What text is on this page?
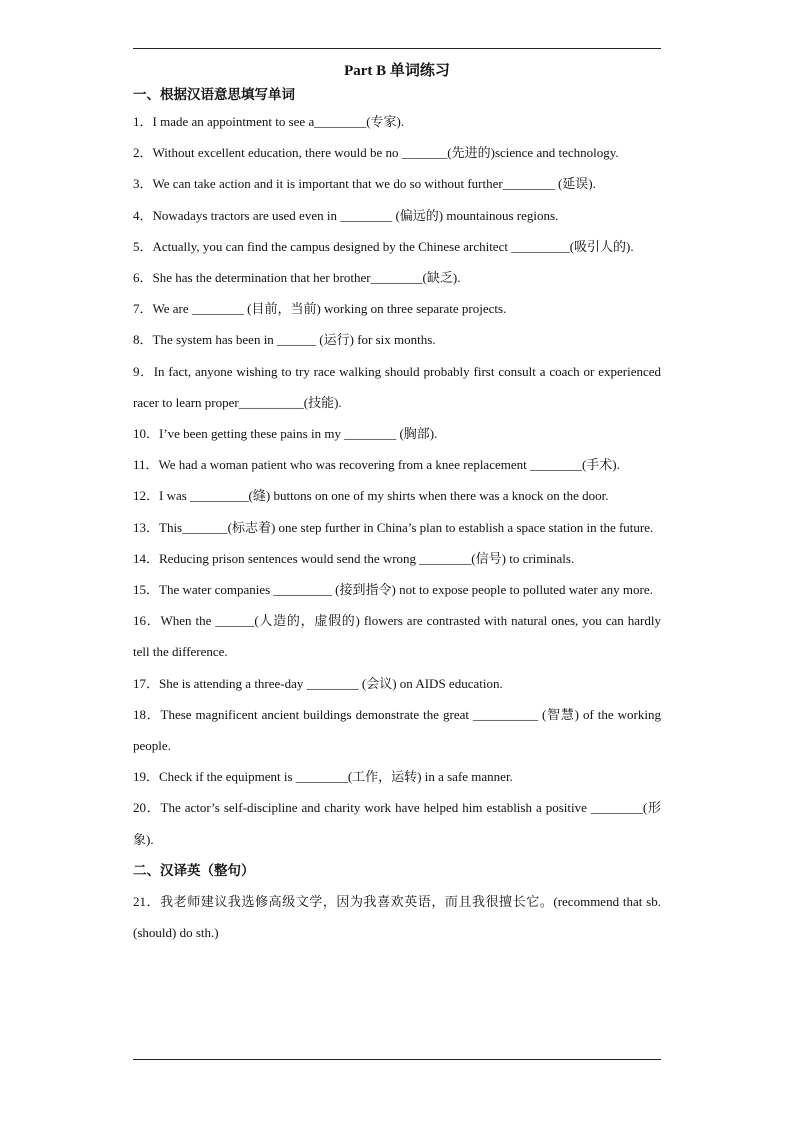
Part B 单词练习
一、根据汉语意思填写单词
1．I made an appointment to see a________(专家).
2．Without excellent education, there would be no _______(先进的)science and technology.
3．We can take action and it is important that we do so without further________ (延误).
4．Nowadays tractors are used even in ________ (偏远的) mountainous regions.
5．Actually, you can find the campus designed by the Chinese architect _________(吸引人的).
6．She has the determination that her brother________(缺乏).
7．We are ________ (目前，当前) working on three separate projects.
8．The system has been in ______ (运行) for six months.
9．In fact, anyone wishing to try race walking should probably first consult a coach or experienced racer to learn proper__________(技能).
10．I’ve been getting these pains in my ________ (胸部).
11．We had a woman patient who was recovering from a knee replacement ________(手术).
12．I was _________(缝) buttons on one of my shirts when there was a knock on the door.
13．This_______(标志着) one step further in China’s plan to establish a space station in the future.
14．Reducing prison sentences would send the wrong ________(信号) to criminals.
15．The water companies _________ (接到指令) not to expose people to polluted water any more.
16．When the ______(人造的，虚假的) flowers are contrasted with natural ones, you can hardly tell the difference.
17．She is attending a three-day ________ (会议) on AIDS education.
18．These magnificent ancient buildings demonstrate the great __________ (智慧) of the working people.
19．Check if the equipment is ________(工作，运转) in a safe manner.
20．The actor’s self-discipline and charity work have helped him establish a positive ________(形象).
二、汉译英（整句）
21．我老师建议我选修高级文学，因为我喜欢英语，而且我很擅长它。(recommend that sb. (should) do sth.)
